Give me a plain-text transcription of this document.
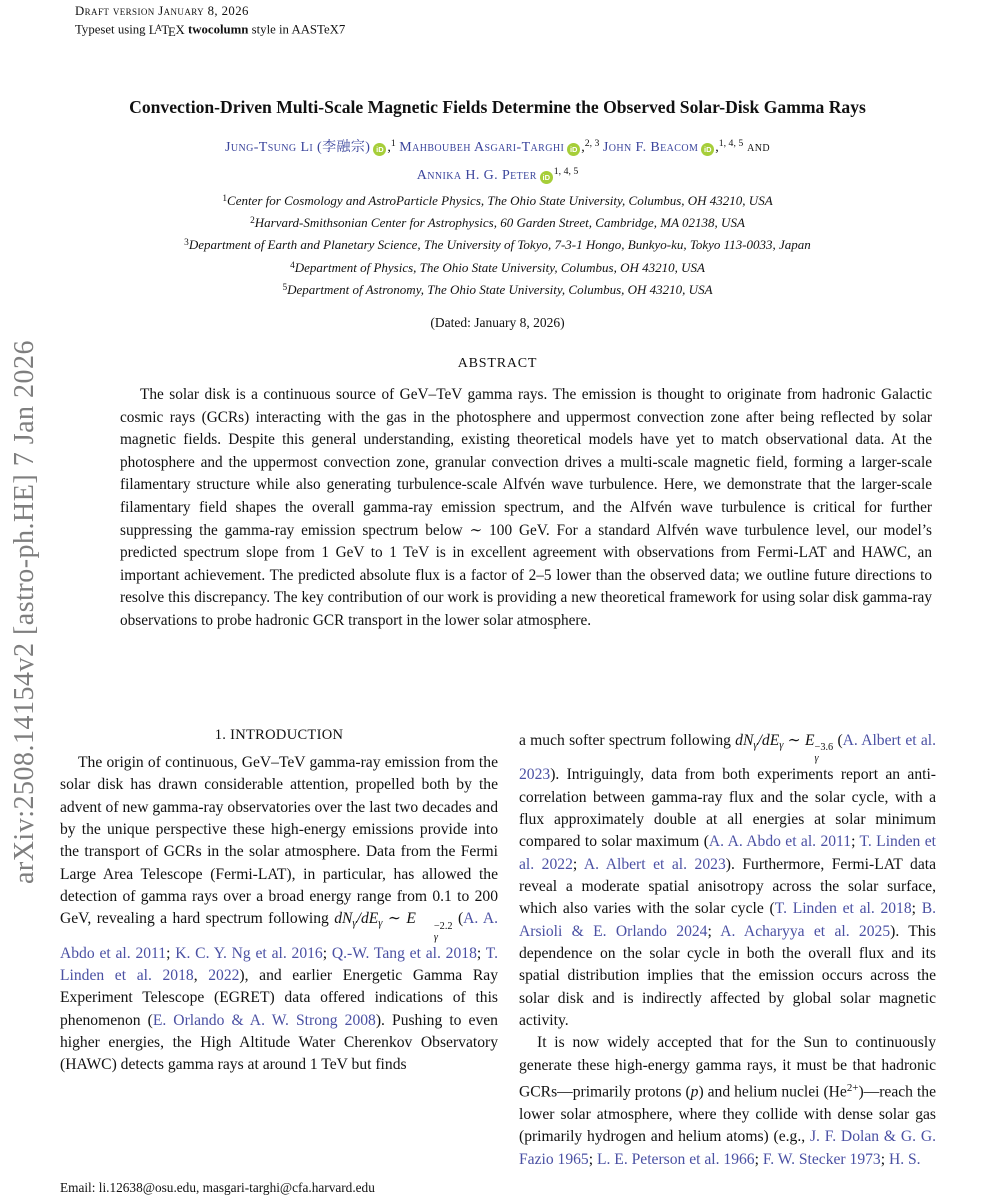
Draft version January 8, 2026
Typeset using $L^ATEX$ twocolumn style in AASTeX7
arXiv:2508.14154v2 [astro-ph.HE] 7 Jan 2026
Convection-Driven Multi-Scale Magnetic Fields Determine the Observed Solar-Disk Gamma Rays
Jung-Tsung Li (李融宗) iD ,$^1$ Mahboubeh Asgari-Targhi iD ,$^{2, 3}$ John F. Beacom iD ,$^{1, 4, 5}$ and
Annika H. G. Peter iD$^{1, 4, 5}$
$^1$Center for Cosmology and AstroParticle Physics, The Ohio State University, Columbus, OH 43210, USA
$^2$Harvard-Smithsonian Center for Astrophysics, 60 Garden Street, Cambridge, MA 02138, USA
$^3$Department of Earth and Planetary Science, The University of Tokyo, 7-3-1 Hongo, Bunkyo-ku, Tokyo 113-0033, Japan
$^4$Department of Physics, The Ohio State University, Columbus, OH 43210, USA
$^5$Department of Astronomy, The Ohio State University, Columbus, OH 43210, USA
(Dated: January 8, 2026)
ABSTRACT
The solar disk is a continuous source of GeV–TeV gamma rays. The emission is thought to originate from hadronic Galactic cosmic rays (GCRs) interacting with the gas in the photosphere and uppermost convection zone after being reflected by solar magnetic fields. Despite this general understanding, existing theoretical models have yet to match observational data. At the photosphere and the uppermost convection zone, granular convection drives a multi-scale magnetic field, forming a larger-scale filamentary structure while also generating turbulence-scale Alfvén wave turbulence. Here, we demonstrate that the larger-scale filamentary field shapes the overall gamma-ray emission spectrum, and the Alfvén wave turbulence is critical for further suppressing the gamma-ray emission spectrum below ∼ 100 GeV. For a standard Alfvén wave turbulence level, our model’s predicted spectrum slope from 1 GeV to 1 TeV is in excellent agreement with observations from Fermi-LAT and HAWC, an important achievement. The predicted absolute flux is a factor of 2–5 lower than the observed data; we outline future directions to resolve this discrepancy. The key contribution of our work is providing a new theoretical framework for using solar disk gamma-ray observations to probe hadronic GCR transport in the lower solar atmosphere.
1. INTRODUCTION

The origin of continuous, GeV–TeV gamma-ray emission from the solar disk has drawn considerable attention, propelled both by the advent of new gamma-ray observatories over the last two decades and by the unique perspective these high-energy emissions provide into the transport of GCRs in the solar atmosphere. Data from the Fermi Large Area Telescope (Fermi-LAT), in particular, has allowed the detection of gamma rays over a broad energy range from 0.1 to 200 GeV, revealing a hard spectrum following $dN_\gamma/dE_\gamma$ ∼ E	−2.2
γ
(A. A. Abdo et al. 2011; K. C. Y. Ng et al. 2016; Q.-W. Tang et al. 2018; T. Linden et al. 2018, 2022), and earlier Energetic Gamma Ray Experiment Telescope (EGRET) data offered indications of this phenomenon (E. Orlando & A. W. Strong 2008). Pushing to even higher energies, the High Altitude Water Cherenkov Observatory (HAWC) detects gamma rays at around 1 TeV but finds

a much softer spectrum following $dN_\gamma/dE_\gamma$ ∼ E −3.6
γ
(A. Albert et al. 2023). Intriguingly, data from both experiments report an anti-correlation between gamma-ray flux and the solar cycle, with a flux approximately double at all energies at solar minimum compared to solar maximum (A. A. Abdo et al. 2011; T. Linden et al. 2022; A. Albert et al. 2023). Furthermore, Fermi-LAT data reveal a moderate spatial anisotropy across the solar surface, which also varies with the solar cycle (T. Linden et al. 2018; B. Arsioli & E. Orlando 2024; A. Acharyya et al. 2025). This dependence on the solar cycle in both the overall flux and its spatial distribution implies that the emission occurs across the solar disk and is indirectly affected by global solar magnetic activity.

It is now widely accepted that for the Sun to continuously generate these high-energy gamma rays, it must be that hadronic GCRs—primarily protons (p) and helium nuclei $(He^{2+})—reach$ the lower solar atmosphere, where they collide with dense solar gas (primarily hydrogen and helium atoms) (e.g., J. F. Dolan & G. G. Fazio 1965; L. E. Peterson et al. 1966; F. W. Stecker 1973; H. S.

Email: li.12638@osu.edu, masgari-targhi@cfa.harvard.edu
